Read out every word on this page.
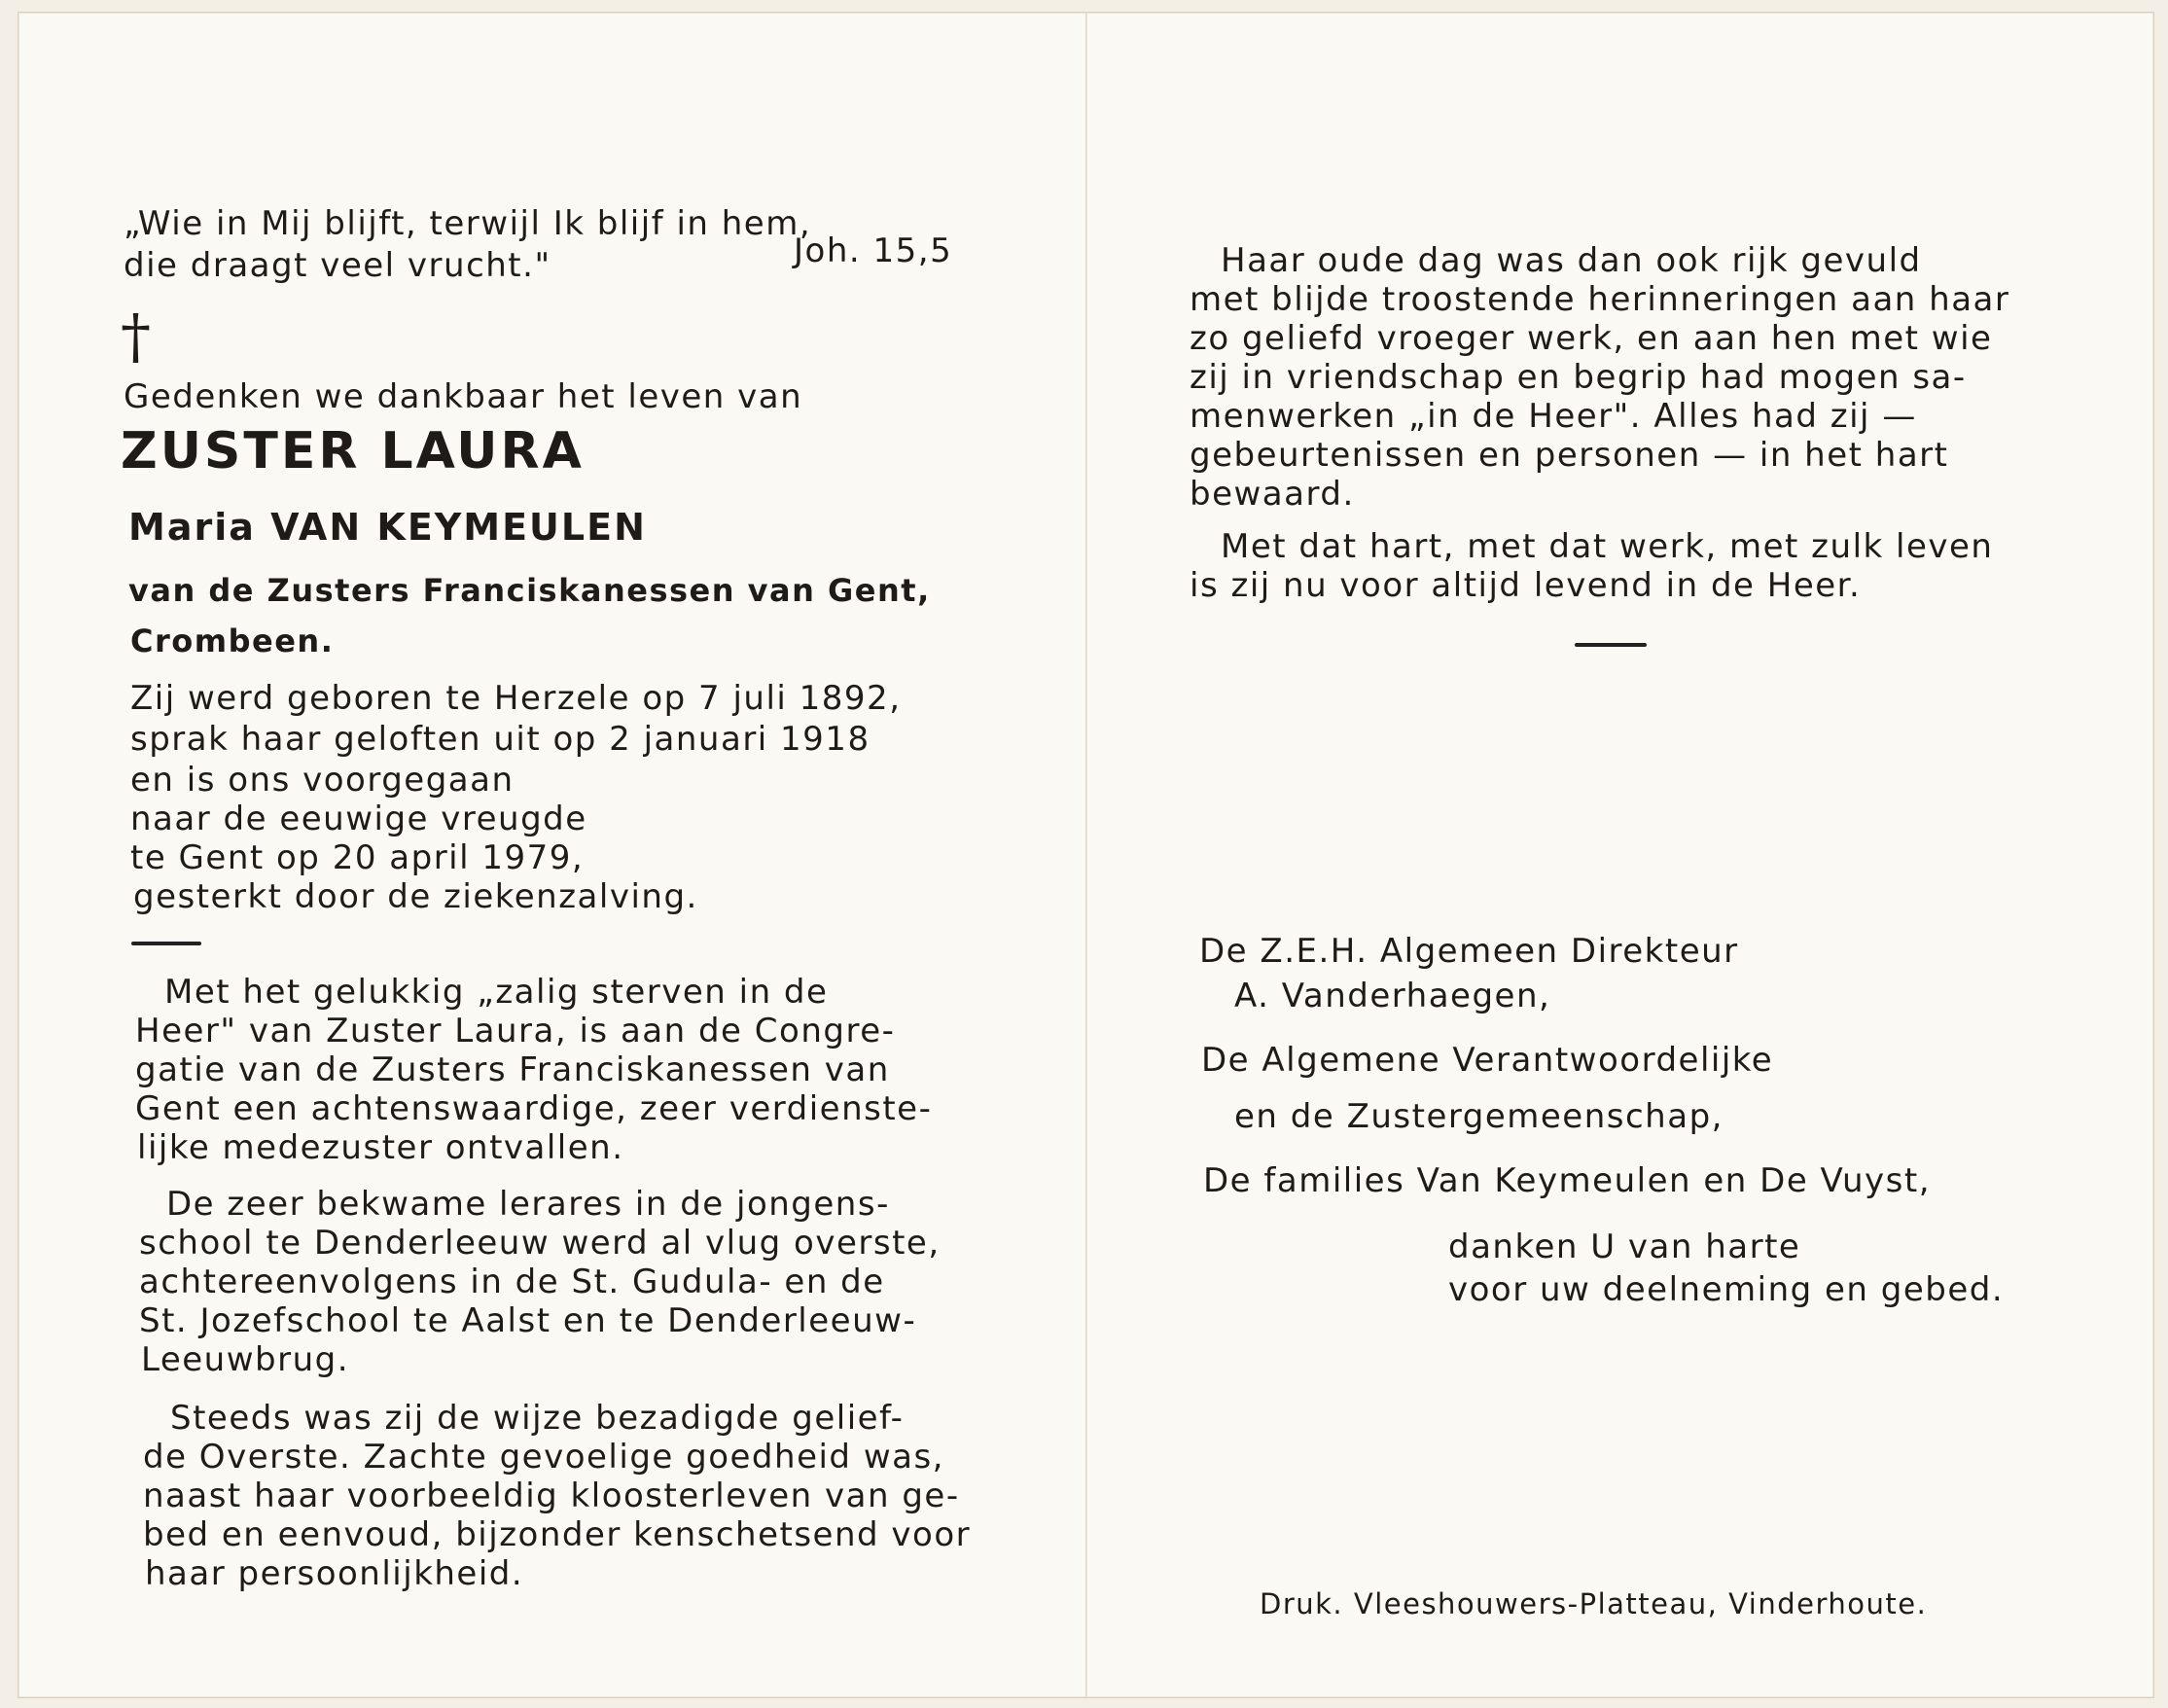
„Wie in Mij blijft, terwijl Ik blijf in hem,
die draagt veel vrucht."	Joh. 15,5
†
Gedenken we dankbaar het leven van
ZUSTER LAURA
Maria VAN KEYMEULEN
van de Zusters Franciskanessen van Gent,
Crombeen.
Zij werd geboren te Herzele op 7 juli 1892,
sprak haar geloften uit op 2 januari 1918
en is ons voorgegaan
naar de eeuwige vreugde
te Gent op 20 april 1979,
gesterkt door de ziekenzalving.
Met het gelukkig „zalig sterven in de
Heer" van Zuster Laura, is aan de Congre-
gatie van de Zusters Franciskanessen van
Gent een achtenswaardige, zeer verdienste-
lijke medezuster ontvallen.
De zeer bekwame lerares in de jongens-
school te Denderleeuw werd al vlug overste,
achtereenvolgens in de St. Gudula- en de
St. Jozefschool te Aalst en te Denderleeuw-
Leeuwbrug.
Steeds was zij de wijze bezadigde gelief-
de Overste. Zachte gevoelige goedheid was,
naast haar voorbeeldig kloosterleven van ge-
bed en eenvoud, bijzonder kenschetsend voor
haar persoonlijkheid.
Haar oude dag was dan ook rijk gevuld
met blijde troostende herinneringen aan haar
zo geliefd vroeger werk, en aan hen met wie
zij in vriendschap en begrip had mogen sa-
menwerken „in de Heer". Alles had zij —
gebeurtenissen en personen — in het hart
bewaard.
Met dat hart, met dat werk, met zulk leven
is zij nu voor altijd levend in de Heer.
De Z.E.H. Algemeen Direkteur
A. Vanderhaegen,
De Algemene Verantwoordelijke
en de Zustergemeenschap,
De families Van Keymeulen en De Vuyst,
danken U van harte
voor uw deelneming en gebed.
Druk. Vleeshouwers-Platteau, Vinderhoute.
